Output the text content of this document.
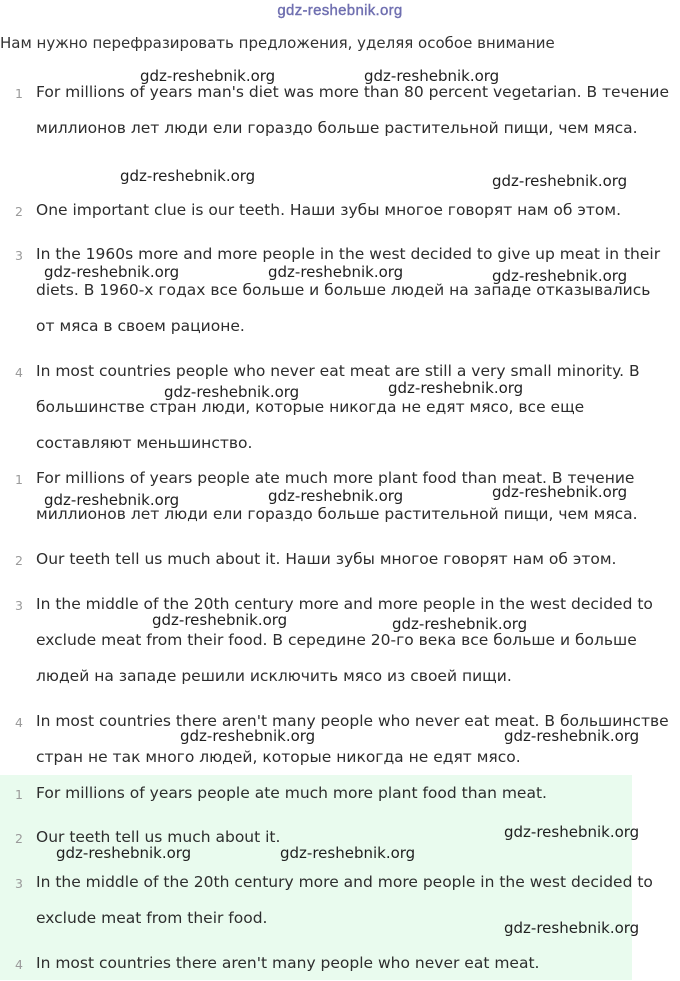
gdz-reshebnik.org
Нам нужно перефразировать предложения, уделяя особое внимание
1 For millions of years man's diet was more than 80 percent vegetarian. В течение миллионов лет люди ели гораздо больше растительной пищи, чем мяса.
2 One important clue is our teeth. Наши зубы многое говорят нам об этом.
3 In the 1960s more and more people in the west decided to give up meat in their diets. В 1960-х годах все больше и больше людей на западе отказывались от мяса в своем рационе.
4 In most countries people who never eat meat are still a very small minority. В большинстве стран люди, которые никогда не едят мясо, все еще составляют меньшинство.
1 For millions of years people ate much more plant food than meat. В течение миллионов лет люди ели гораздо больше растительной пищи, чем мяса.
2 Our teeth tell us much about it. Наши зубы многое говорят нам об этом.
3 In the middle of the 20th century more and more people in the west decided to exclude meat from their food. В середине 20-го века все больше и больше людей на западе решили исключить мясо из своей пищи.
4 In most countries there aren't many people who never eat meat. В большинстве стран не так много людей, которые никогда не едят мясо.
1 For millions of years people ate much more plant food than meat.
2 Our teeth tell us much about it.
3 In the middle of the 20th century more and more people in the west decided to exclude meat from their food.
4 In most countries there aren't many people who never eat meat.
gdz-reshebnik.org	gdz-reshebnik.org
gdz-reshebnik.org	gdz-reshebnik.org
gdz-reshebnik.org	gdz-reshebnik.org	gdz-reshebnik.org
gdz-reshebnik.org	gdz-reshebnik.org
gdz-reshebnik.org	gdz-reshebnik.org	gdz-reshebnik.org
gdz-reshebnik.org	gdz-reshebnik.org
gdz-reshebnik.org	gdz-reshebnik.org
gdz-reshebnik.org
gdz-reshebnik.org	gdz-reshebnik.org
gdz-reshebnik.org
